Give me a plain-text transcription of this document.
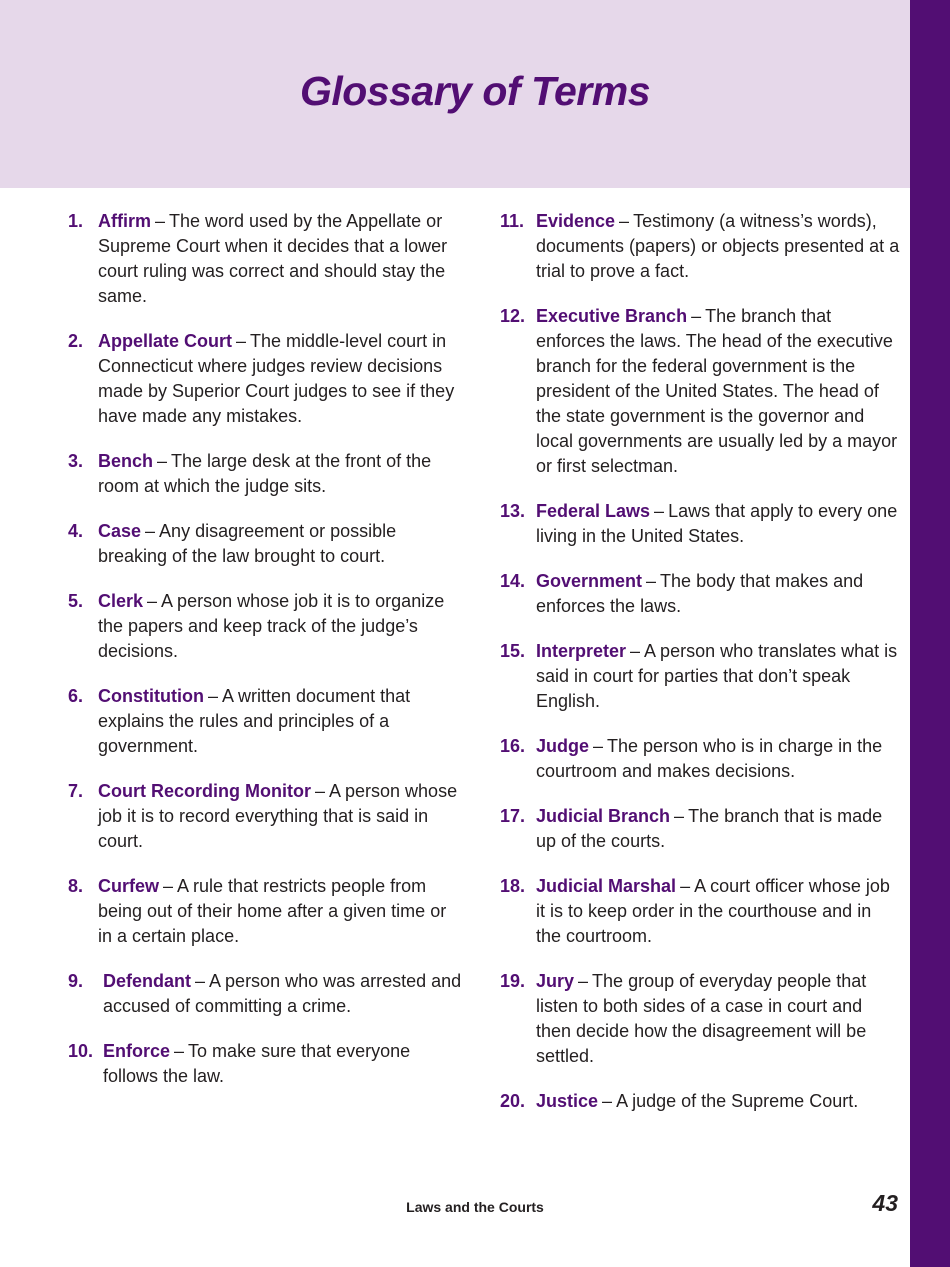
Glossary of Terms
1. Affirm – The word used by the Appellate or Supreme Court when it decides that a lower court ruling was correct and should stay the same.
2. Appellate Court – The middle-level court in Connecticut where judges review decisions made by Superior Court judges to see if they have made any mistakes.
3. Bench – The large desk at the front of the room at which the judge sits.
4. Case – Any disagreement or possible breaking of the law brought to court.
5. Clerk – A person whose job it is to organize the papers and keep track of the judge’s decisions.
6. Constitution – A written document that explains the rules and principles of a government.
7. Court Recording Monitor – A person whose job it is to record everything that is said in court.
8. Curfew – A rule that restricts people from being out of their home after a given time or in a certain place.
9.	Defendant – A person who was arrested and accused of committing a crime.
10. Enforce – To make sure that everyone follows the law.
11. Evidence – Testimony (a witness’s words), documents (papers) or objects presented at a trial to prove a fact.
12. Executive Branch – The branch that enforces the laws. The head of the executive branch for the federal government is the president of the United States. The head of the state government is the governor and local governments are usually led by a mayor or first selectman.
13. Federal Laws – Laws that apply to every one living in the United States.
14. Government – The body that makes and enforces the laws.
15. Interpreter – A person who translates what is said in court for parties that don’t speak English.
16. Judge – The person who is in charge in the courtroom and makes decisions.
17. Judicial Branch – The branch that is made up of the courts.
18. Judicial Marshal – A court officer whose job it is to keep order in the courthouse and in the courtroom.
19. Jury – The group of everyday people that listen to both sides of a case in court and then decide how the disagreement will be settled.
20. Justice – A judge of the Supreme Court.
Laws and the Courts	43
